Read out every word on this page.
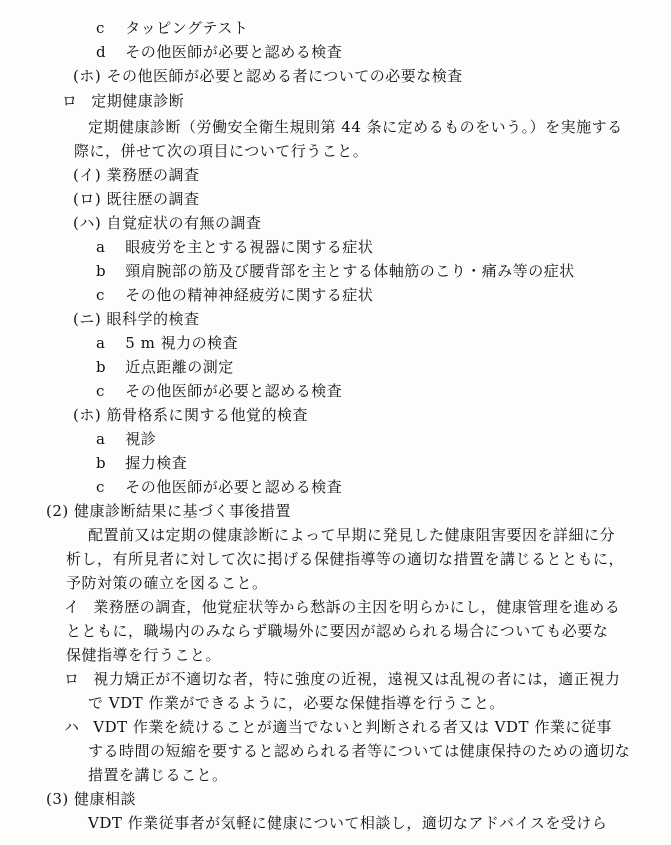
c タッピングテスト
d その他医師が必要と認める検査
(ホ) その他医師が必要と認める者についての必要な検査
ロ 定期健康診断
定期健康診断（労働安全衛生規則第 44 条に定めるものをいう。）を実施する
際に，併せて次の項目について行うこと。
(イ) 業務歴の調査
(ロ) 既往歴の調査
(ハ) 自覚症状の有無の調査
a 眼疲労を主とする視器に関する症状
b 頸肩腕部の筋及び腰背部を主とする体軸筋のこり・痛み等の症状
c その他の精神神経疲労に関する症状
(ニ) 眼科学的検査
a 5 m 視力の検査
b 近点距離の測定
c その他医師が必要と認める検査
(ホ) 筋骨格系に関する他覚的検査
a 視診
b 握力検査
c その他医師が必要と認める検査
(2) 健康診断結果に基づく事後措置
配置前又は定期の健康診断によって早期に発見した健康阻害要因を詳細に分
析し，有所見者に対して次に掲げる保健指導等の適切な措置を講じるとともに，
予防対策の確立を図ること。
イ 業務歴の調査，他覚症状等から愁訴の主因を明らかにし，健康管理を進める
とともに，職場内のみならず職場外に要因が認められる場合についても必要な
保健指導を行うこと。
ロ 視力矯正が不適切な者，特に強度の近視，遠視又は乱視の者には，適正視力
で VDT 作業ができるように，必要な保健指導を行うこと。
ハ VDT 作業を続けることが適当でないと判断される者又は VDT 作業に従事
する時間の短縮を要すると認められる者等については健康保持のための適切な
措置を講じること。
(3) 健康相談
VDT 作業従事者が気軽に健康について相談し，適切なアドバイスを受けら
